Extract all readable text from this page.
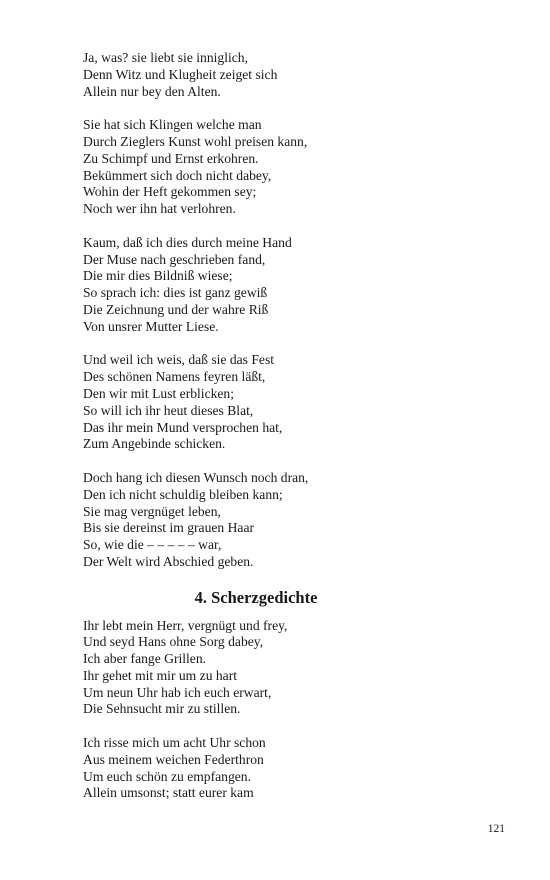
Ja, was? sie liebt sie inniglich,
Denn Witz und Klugheit zeiget sich
Allein nur bey den Alten.
Sie hat sich Klingen welche man
Durch Zieglers Kunst wohl preisen kann,
Zu Schimpf und Ernst erkohren.
Bekümmert sich doch nicht dabey,
Wohin der Heft gekommen sey;
Noch wer ihn hat verlohren.
Kaum, daß ich dies durch meine Hand
Der Muse nach geschrieben fand,
Die mir dies Bildniß wiese;
So sprach ich: dies ist ganz gewiß
Die Zeichnung und der wahre Riß
Von unsrer Mutter Liese.
Und weil ich weis, daß sie das Fest
Des schönen Namens feyren läßt,
Den wir mit Lust erblicken;
So will ich ihr heut dieses Blat,
Das ihr mein Mund versprochen hat,
Zum Angebinde schicken.
Doch hang ich diesen Wunsch noch dran,
Den ich nicht schuldig bleiben kann;
Sie mag vergnüget leben,
Bis sie dereinst im grauen Haar
So, wie die – – – – – war,
Der Welt wird Abschied geben.
4. Scherzgedichte
Ihr lebt mein Herr, vergnügt und frey,
Und seyd Hans ohne Sorg dabey,
Ich aber fange Grillen.
Ihr gehet mit mir um zu hart
Um neun Uhr hab ich euch erwart,
Die Sehnsucht mir zu stillen.
Ich risse mich um acht Uhr schon
Aus meinem weichen Federthron
Um euch schön zu empfangen.
Allein umsonst; statt eurer kam
121
